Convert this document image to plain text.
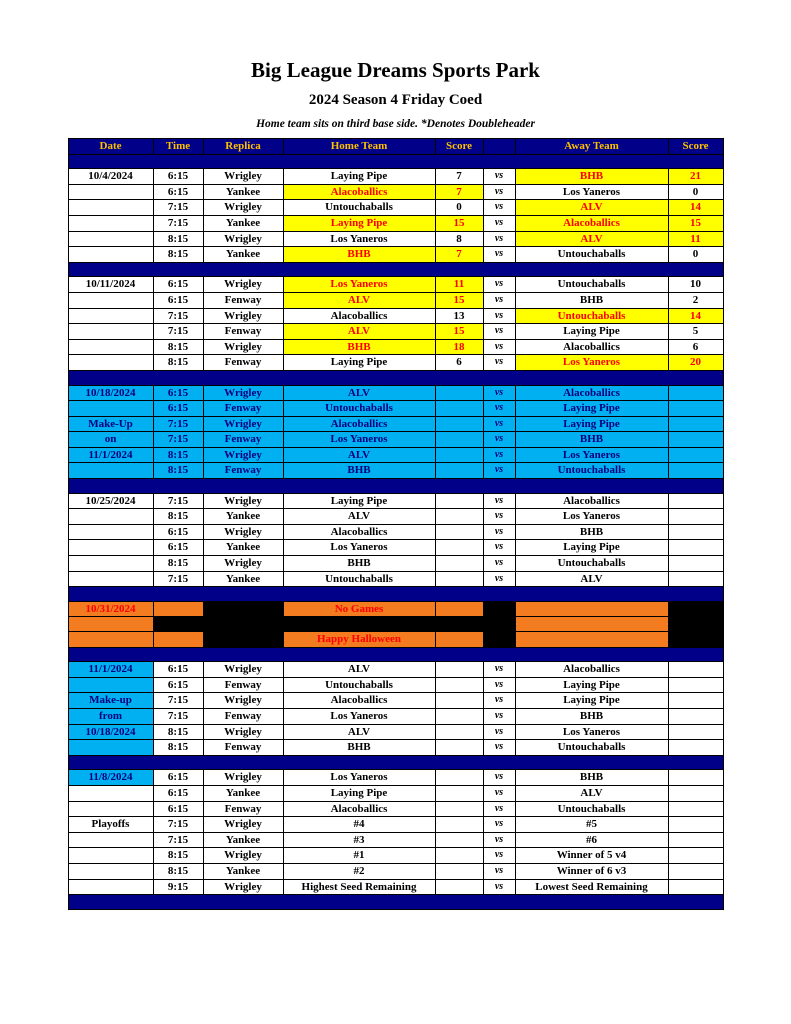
Big League Dreams Sports Park
2024 Season 4 Friday Coed
Home team sits on third base side. *Denotes Doubleheader
Date	Time	Replica	Home Team	Score		Away Team	Score

10/4/2024	6:15	Wrigley	Laying Pipe	7	vs	BHB	21
	6:15	Yankee	Alacoballics	7	vs	Los Yaneros	0
	7:15	Wrigley	Untouchaballs	0	vs	ALV	14
	7:15	Yankee	Laying Pipe	15	vs	Alacoballics	15
	8:15	Wrigley	Los Yaneros	8	vs	ALV	11
	8:15	Yankee	BHB	7	vs	Untouchaballs	0

10/11/2024	6:15	Wrigley	Los Yaneros	11	vs	Untouchaballs	10
	6:15	Fenway	ALV	15	vs	BHB	2
	7:15	Wrigley	Alacoballics	13	vs	Untouchaballs	14
	7:15	Fenway	ALV	15	vs	Laying Pipe	5
	8:15	Wrigley	BHB	18	vs	Alacoballics	6
	8:15	Fenway	Laying Pipe	6	vs	Los Yaneros	20

10/18/2024	6:15	Wrigley	ALV		vs	Alacoballics	
	6:15	Fenway	Untouchaballs		vs	Laying Pipe	
Make-Up	7:15	Wrigley	Alacoballics		vs	Laying Pipe	
on	7:15	Fenway	Los Yaneros		vs	BHB	
11/1/2024	8:15	Wrigley	ALV		vs	Los Yaneros	
	8:15	Fenway	BHB		vs	Untouchaballs	

10/25/2024	7:15	Wrigley	Laying Pipe		vs	Alacoballics	
	8:15	Yankee	ALV		vs	Los Yaneros	
	6:15	Wrigley	Alacoballics		vs	BHB	
	6:15	Yankee	Los Yaneros		vs	Laying Pipe	
	8:15	Wrigley	BHB		vs	Untouchaballs	
	7:15	Yankee	Untouchaballs		vs	ALV	

10/31/2024			No Games				

			Happy Halloween				

11/1/2024	6:15	Wrigley	ALV		vs	Alacoballics	
	6:15	Fenway	Untouchaballs		vs	Laying Pipe	
Make-up	7:15	Wrigley	Alacoballics		vs	Laying Pipe	
from	7:15	Fenway	Los Yaneros		vs	BHB	
10/18/2024	8:15	Wrigley	ALV		vs	Los Yaneros	
	8:15	Fenway	BHB		vs	Untouchaballs	

11/8/2024	6:15	Wrigley	Los Yaneros		vs	BHB	
	6:15	Yankee	Laying Pipe		vs	ALV	
	6:15	Fenway	Alacoballics		vs	Untouchaballs	
Playoffs	7:15	Wrigley	#4		vs	#5	
	7:15	Yankee	#3		vs	#6	
	8:15	Wrigley	#1		vs	Winner of 5 v4	
	8:15	Yankee	#2		vs	Winner of 6 v3	
	9:15	Wrigley	Highest Seed Remaining		vs	Lowest Seed Remaining	
